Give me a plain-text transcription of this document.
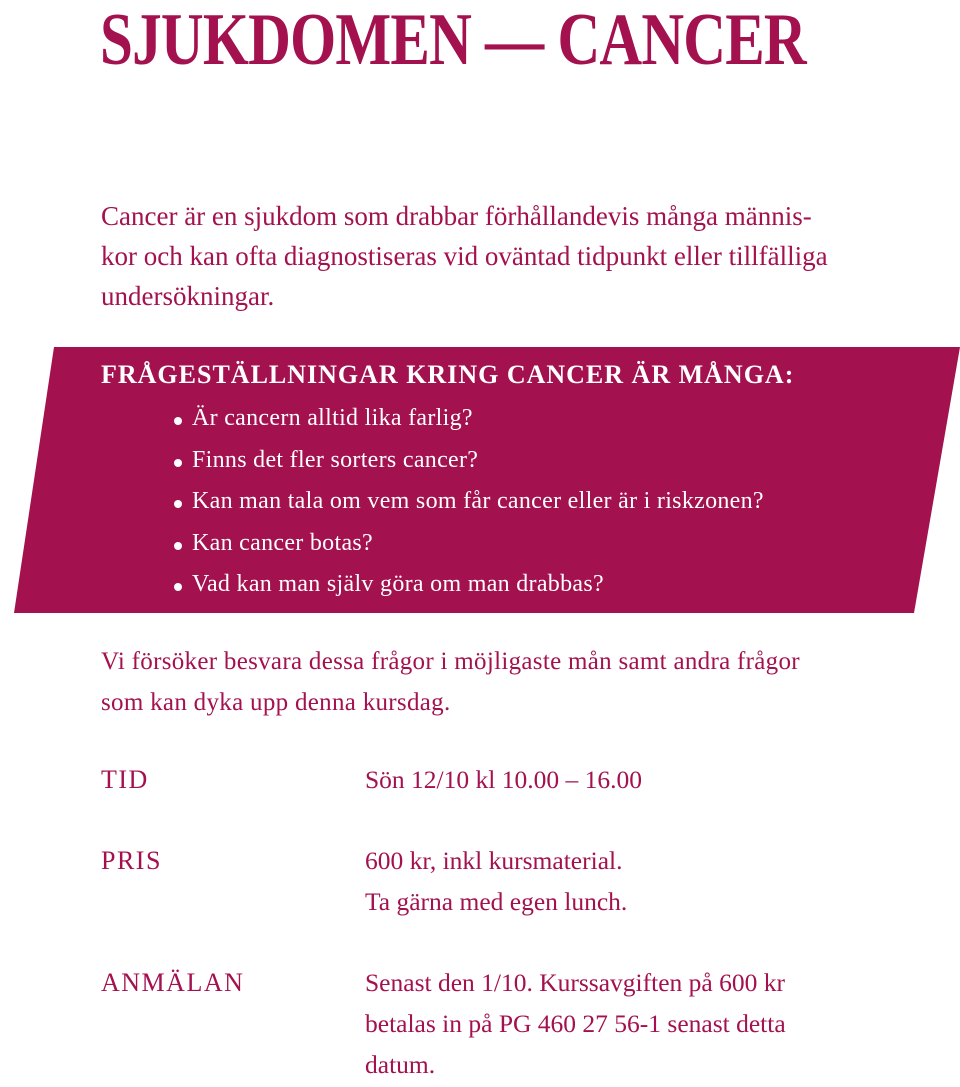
SJUKDOMEN — CANCER

Cancer är en sjukdom som drabbar förhållandevis många männis-
kor och kan ofta diagnostiseras vid oväntad tidpunkt eller tillfälliga
undersökningar.

FRÅGESTÄLLNINGAR KRING CANCER ÄR MÅNGA:
Är cancern alltid lika farlig?
Finns det fler sorters cancer?
Kan man tala om vem som får cancer eller är i riskzonen?
Kan cancer botas?
Vad kan man själv göra om man drabbas?

Vi försöker besvara dessa frågor i möjligaste mån samt andra frågor
som kan dyka upp denna kursdag.

TID	Sön 12/10 kl 10.00 – 16.00
PRIS	600 kr, inkl kursmaterial.
Ta gärna med egen lunch.
ANMÄLAN	Senast den 1/10. Kurssavgiften på 600 kr
betalas in på PG 460 27 56-1 senast detta
datum.
